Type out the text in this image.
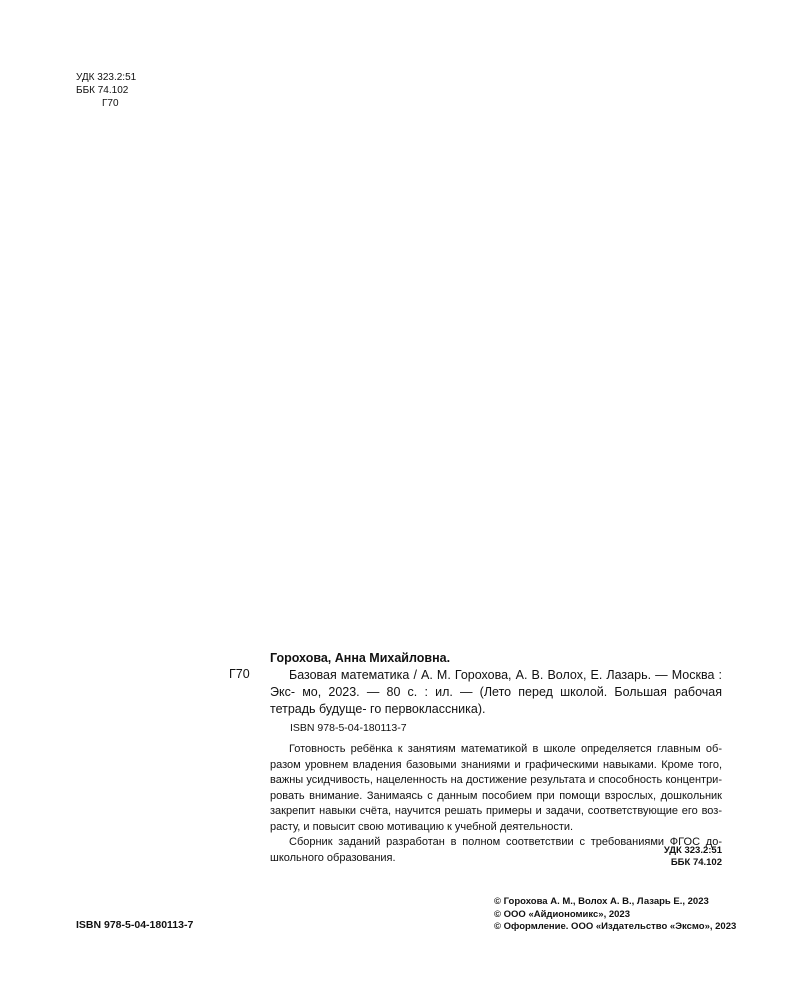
УДК 323.2:51
ББК 74.102
Г70
Горохова, Анна Михайловна.
Г70	Базовая математика / А. М. Горохова, А. В. Волох, Е. Лазарь. — Москва : Экс- мо, 2023. — 80 с. : ил. — (Лето перед школой. Большая рабочая тетрадь будуще- го первоклассника).
ISBN 978-5-04-180113-7

Готовность ребёнка к занятиям математикой в школе определяется главным об- разом уровнем владения базовыми знаниями и графическими навыками. Кроме того, важны усидчивость, нацеленность на достижение результата и способность концентри- ровать внимание. Занимаясь с данным пособием при помощи взрослых, дошкольник закрепит навыки счёта, научится решать примеры и задачи, соответствующие его воз- расту, и повысит свою мотивацию к учебной деятельности.

Сборник заданий разработан в полном соответствии с требованиями ФГОС до- школьного образования.

УДК 323.2:51
ББК 74.102
ISBN 978-5-04-180113-7
© Горохова А. М., Волох А. В., Лазарь Е., 2023
© ООО «Айдиономикс», 2023
© Оформление. ООО «Издательство «Эксмо», 2023
